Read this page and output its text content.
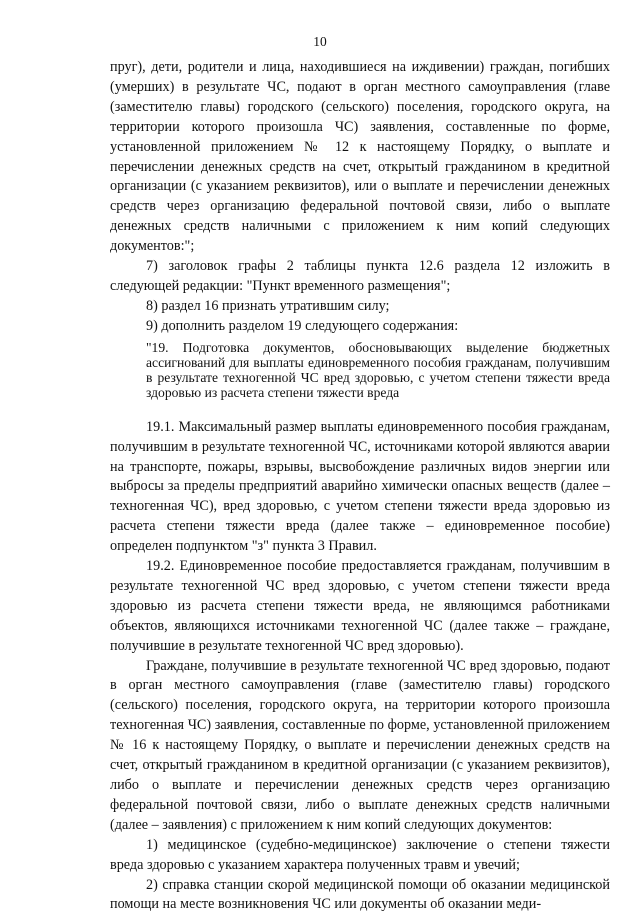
10

пруг), дети, родители и лица, находившиеся на иждивении) граждан, погибших (умерших) в результате ЧС, подают в орган местного самоуправления (главе (заместителю главы) городского (сельского) поселения, городского округа, на территории которого произошла ЧС) заявления, составленные по форме, установленной приложением № 12 к настоящему Порядку, о выплате и перечислении денежных средств на счет, открытый гражданином в кредитной организации (с указанием реквизитов), или о выплате и перечислении денежных средств через организацию федеральной почтовой связи, либо о выплате денежных средств наличными с приложением к ним копий следующих документов:";

7) заголовок графы 2 таблицы пункта 12.6 раздела 12 изложить в следующей редакции: "Пункт временного размещения";

8) раздел 16 признать утратившим силу;

9) дополнить разделом 19 следующего содержания:

"19. Подготовка документов, обосновывающих выделение бюджетных ассигнований для выплаты единовременного пособия гражданам, получившим в результате техногенной ЧС вред здоровью, с учетом степени тяжести вреда здоровью из расчета степени тяжести вреда

19.1. Максимальный размер выплаты единовременного пособия гражданам, получившим в результате техногенной ЧС, источниками которой являются аварии на транспорте, пожары, взрывы, высвобождение различных видов энергии или выбросы за пределы предприятий аварийно химически опасных веществ (далее – техногенная ЧС), вред здоровью, с учетом степени тяжести вреда здоровью из расчета степени тяжести вреда (далее также – единовременное пособие) определен подпунктом "з" пункта 3 Правил.

19.2. Единовременное пособие предоставляется гражданам, получившим в результате техногенной ЧС вред здоровью, с учетом степени тяжести вреда здоровью из расчета степени тяжести вреда, не являющимся работниками объектов, являющихся источниками техногенной ЧС (далее также – граждане, получившие в результате техногенной ЧС вред здоровью).

Граждане, получившие в результате техногенной ЧС вред здоровью, подают в орган местного самоуправления (главе (заместителю главы) городского (сельского) поселения, городского округа, на территории которого произошла техногенная ЧС) заявления, составленные по форме, установленной приложением № 16 к настоящему Порядку, о выплате и перечислении денежных средств на счет, открытый гражданином в кредитной организации (с указанием реквизитов), либо о выплате и перечислении денежных средств через организацию федеральной почтовой связи, либо о выплате денежных средств наличными (далее – заявления) с приложением к ним копий следующих документов:

1) медицинское (судебно-медицинское) заключение о степени тяжести вреда здоровью с указанием характера полученных травм и увечий;

2) справка станции скорой медицинской помощи об оказании медицинской помощи на месте возникновения ЧС или документы об оказании меди-
